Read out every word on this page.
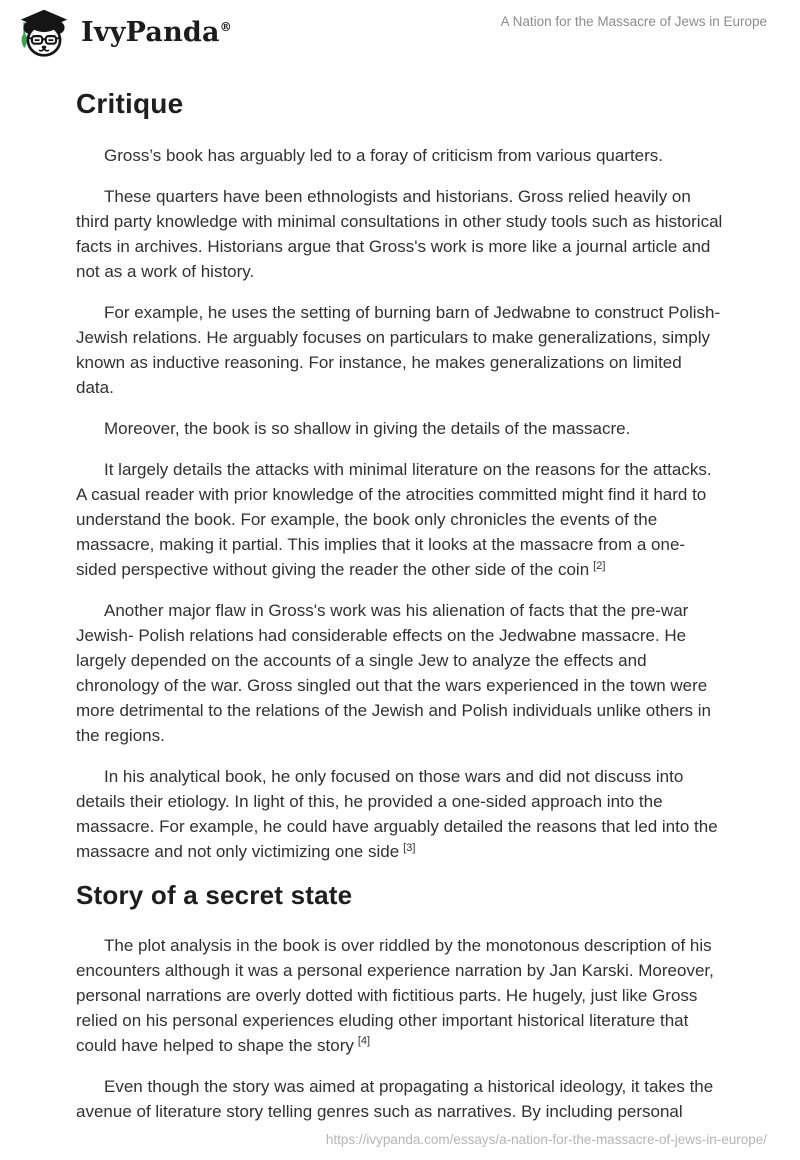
IvyPanda®	A Nation for the Massacre of Jews in Europe
Critique

Gross’s book has arguably led to a foray of criticism from various quarters.

These quarters have been ethnologists and historians. Gross relied heavily on third party knowledge with minimal consultations in other study tools such as historical facts in archives. Historians argue that Gross's work is more like a journal article and not as a work of history.

For example, he uses the setting of burning barn of Jedwabne to construct Polish-Jewish relations. He arguably focuses on particulars to make generalizations, simply known as inductive reasoning. For instance, he makes generalizations on limited data.

Moreover, the book is so shallow in giving the details of the massacre.

It largely details the attacks with minimal literature on the reasons for the attacks. A casual reader with prior knowledge of the atrocities committed might find it hard to understand the book. For example, the book only chronicles the events of the massacre, making it partial. This implies that it looks at the massacre from a one-sided perspective without giving the reader the other side of the coin [2]

Another major flaw in Gross's work was his alienation of facts that the pre-war Jewish- Polish relations had considerable effects on the Jedwabne massacre. He largely depended on the accounts of a single Jew to analyze the effects and chronology of the war. Gross singled out that the wars experienced in the town were more detrimental to the relations of the Jewish and Polish individuals unlike others in the regions.

In his analytical book, he only focused on those wars and did not discuss into details their etiology. In light of this, he provided a one-sided approach into the massacre. For example, he could have arguably detailed the reasons that led into the massacre and not only victimizing one side [3]

Story of a secret state

The plot analysis in the book is over riddled by the monotonous description of his encounters although it was a personal experience narration by Jan Karski. Moreover, personal narrations are overly dotted with fictitious parts. He hugely, just like Gross relied on his personal experiences eluding other important historical literature that could have helped to shape the story [4]

Even though the story was aimed at propagating a historical ideology, it takes the avenue of literature story telling genres such as narratives. By including personal

https://ivypanda.com/essays/a-nation-for-the-massacre-of-jews-in-europe/
